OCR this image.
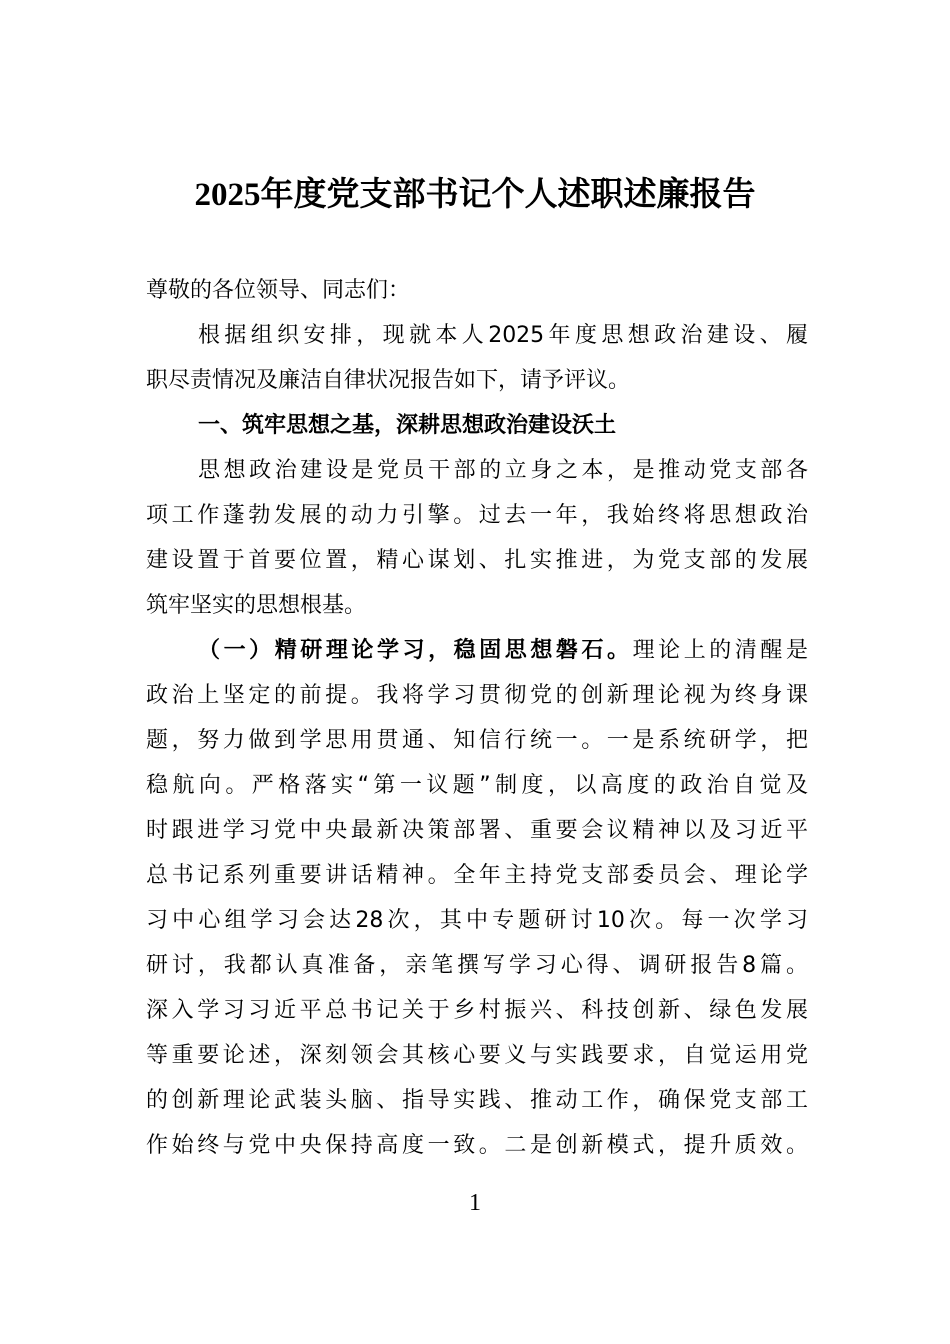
2025年度党支部书记个人述职述廉报告
尊敬的各位领导、同志们：
根据组织安排，现就本人2025年度思想政治建设、履
职尽责情况及廉洁自律状况报告如下，请予评议。
一、筑牢思想之基，深耕思想政治建设沃土
思想政治建设是党员干部的立身之本，是推动党支部各
项工作蓬勃发展的动力引擎。过去一年，我始终将思想政治
建设置于首要位置，精心谋划、扎实推进，为党支部的发展
筑牢坚实的思想根基。
（一）精研理论学习，稳固思想磐石。理论上的清醒是
政治上坚定的前提。我将学习贯彻党的创新理论视为终身课
题，努力做到学思用贯通、知信行统一。一是系统研学，把
稳航向。严格落实“第一议题”制度，以高度的政治自觉及
时跟进学习党中央最新决策部署、重要会议精神以及习近平
总书记系列重要讲话精神。全年主持党支部委员会、理论学
习中心组学习会达28次，其中专题研讨10次。每一次学习
研讨，我都认真准备，亲笔撰写学习心得、调研报告8篇。
深入学习习近平总书记关于乡村振兴、科技创新、绿色发展
等重要论述，深刻领会其核心要义与实践要求，自觉运用党
的创新理论武装头脑、指导实践、推动工作，确保党支部工
作始终与党中央保持高度一致。二是创新模式，提升质效。
1
